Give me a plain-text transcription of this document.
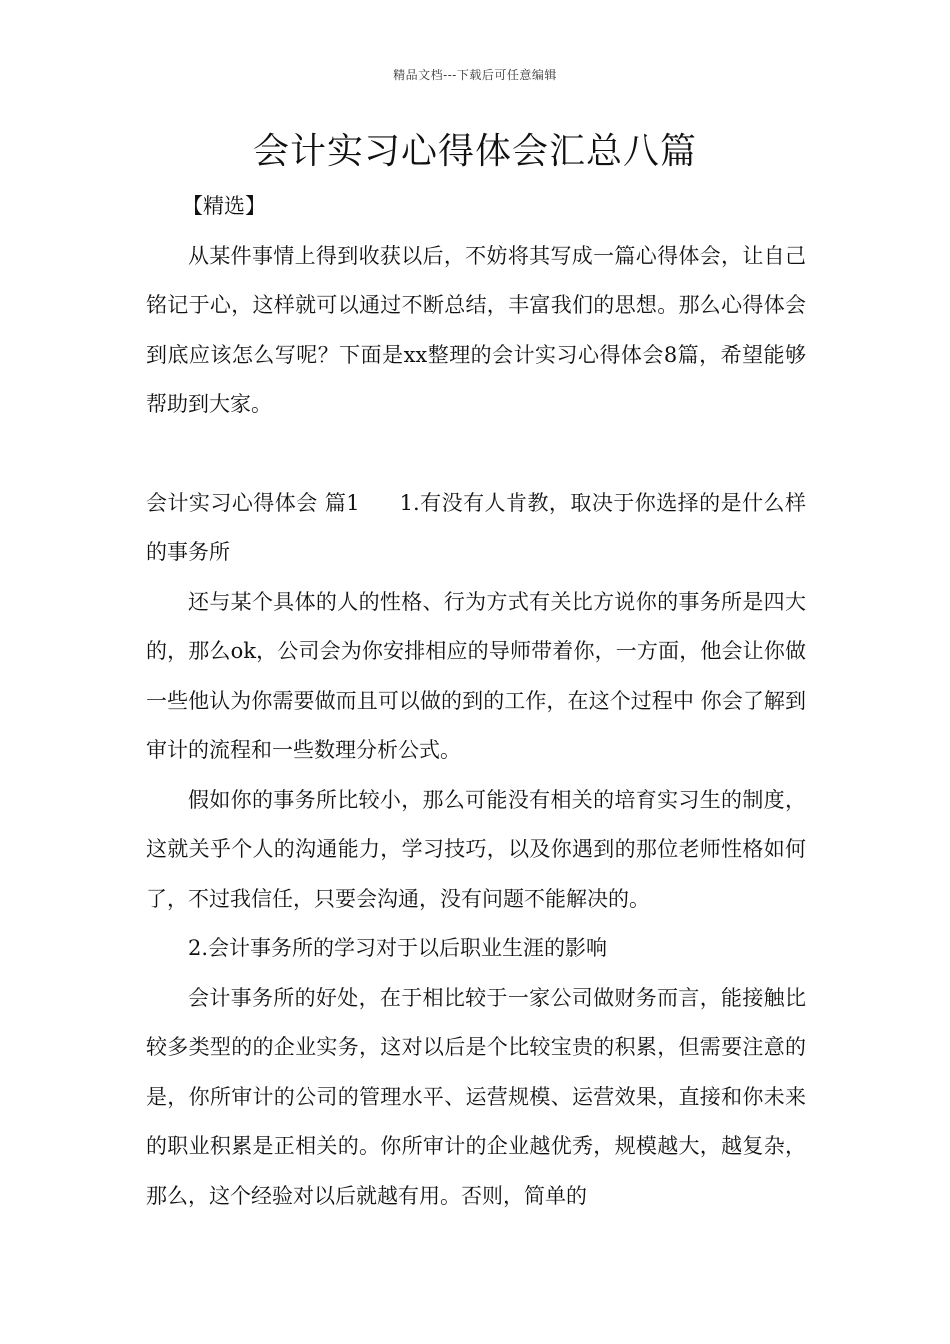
精品文档---下载后可任意编辑
会计实习心得体会汇总八篇

【精选】

从某件事情上得到收获以后，不妨将其写成一篇心得体会，让自己铭记于心，这样就可以通过不断总结，丰富我们的思想。那么心得体会到底应该怎么写呢？下面是xx整理的会计实习心得体会8篇，希望能够帮助到大家。

会计实习心得体会 篇1 1.有没有人肯教，取决于你选择的是什么样的事务所

还与某个具体的人的性格、行为方式有关比方说你的事务所是四大的，那么ok，公司会为你安排相应的导师带着你，一方面，他会让你做一些他认为你需要做而且可以做的到的工作，在这个过程中 你会了解到审计的流程和一些数理分析公式。

假如你的事务所比较小，那么可能没有相关的培育实习生的制度，这就关乎个人的沟通能力，学习技巧，以及你遇到的那位老师性格如何了，不过我信任，只要会沟通，没有问题不能解决的。

2.会计事务所的学习对于以后职业生涯的影响

会计事务所的好处，在于相比较于一家公司做财务而言，能接触比较多类型的的企业实务，这对以后是个比较宝贵的积累，但需要注意的是，你所审计的公司的管理水平、运营规模、运营效果，直接和你未来的职业积累是正相关的。你所审计的企业越优秀，规模越大，越复杂，那么，这个经验对以后就越有用。否则，简单的
